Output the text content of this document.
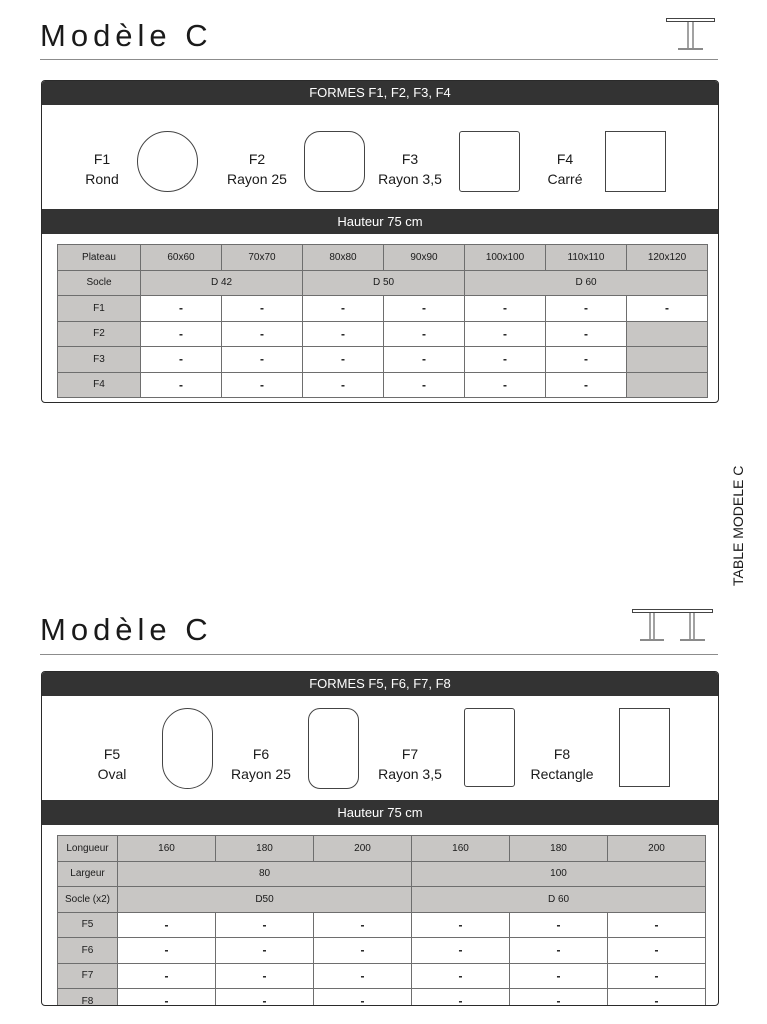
Modèle C
FORMES F1, F2, F3, F4
F1
Rond
F2
Rayon 25
F3
Rayon 3,5
F4
Carré
Hauteur 75 cm
Plateau	60x60	70x70	80x80	90x90	100x100	110x110	120x120
Socle	D 42		D 50		D 60		
F1	-	-	-	-	-	-	-
F2	-	-	-	-	-	-	
F3	-	-	-	-	-	-	
F4	-	-	-	-	-	-	
TABLE MODELE C
Modèle C
FORMES F5, F6, F7, F8
F5
Oval
F6
Rayon 25
F7
Rayon 3,5
F8
Rectangle
Hauteur 75 cm
Longueur	160	180	200	160	180	200
Largeur	80			100		
Socle (x2)	D50			D 60		
F5	-	-	-	-	-	-
F6	-	-	-	-	-	-
F7	-	-	-	-	-	-
F8	-	-	-	-	-	-
